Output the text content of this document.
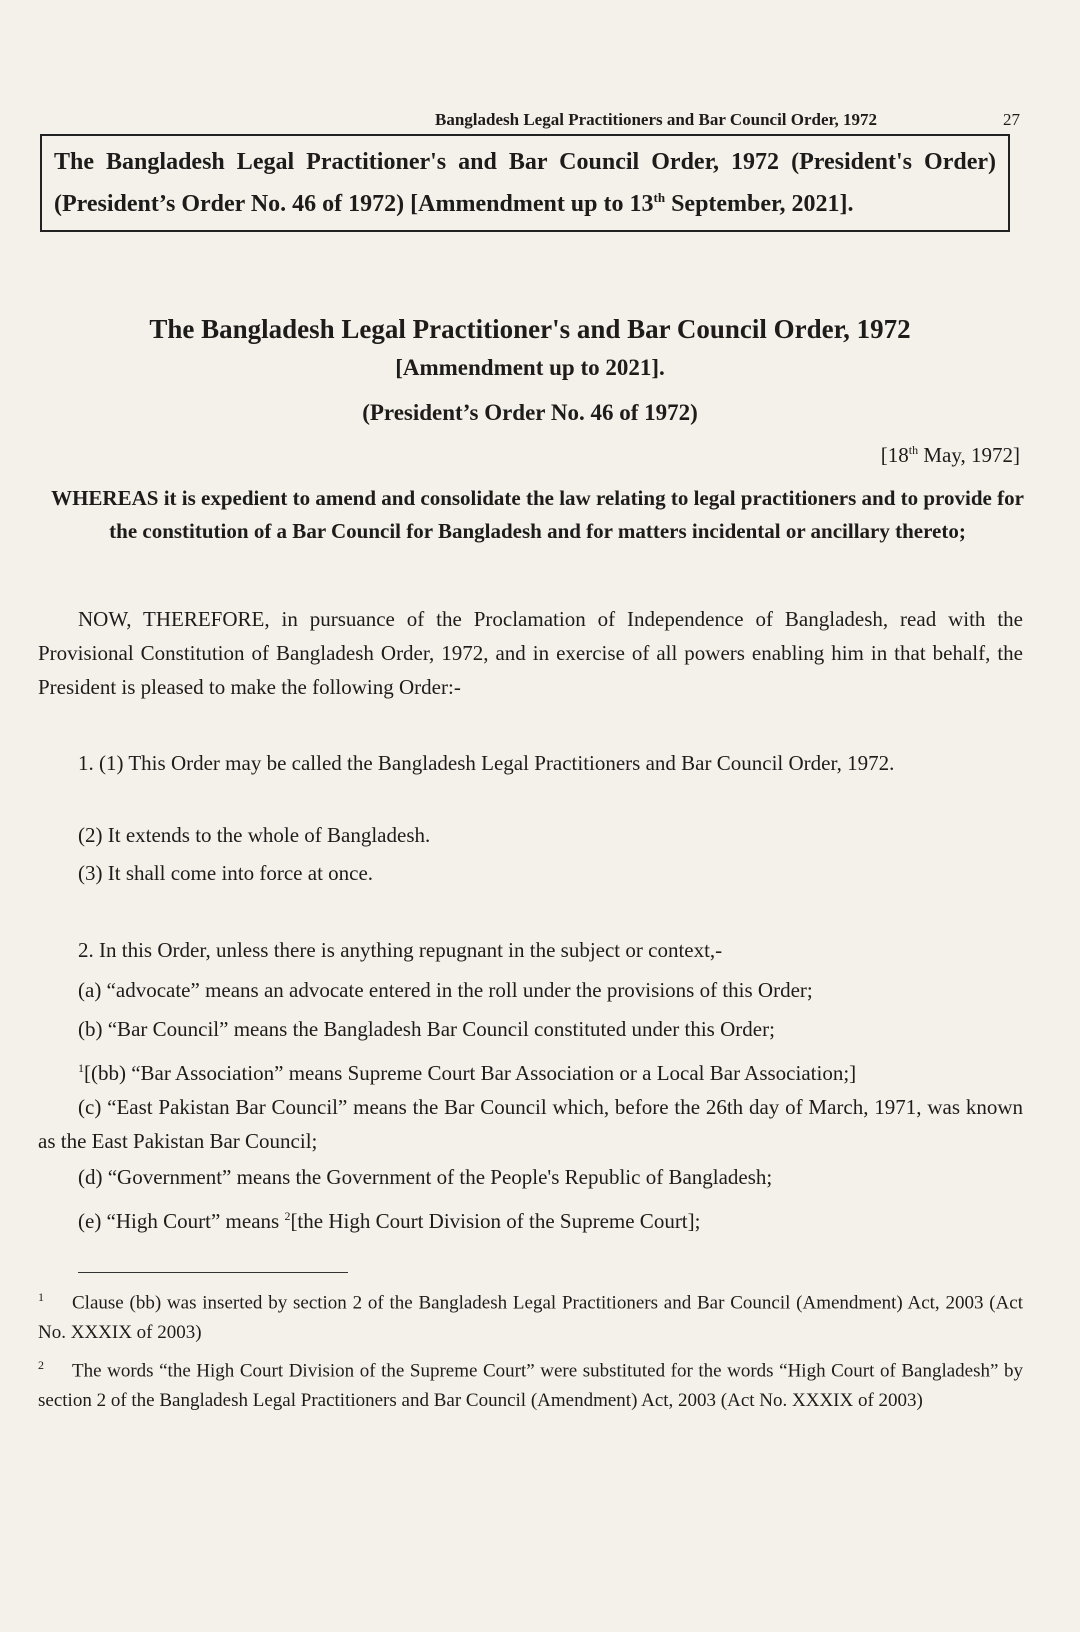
Bangladesh Legal Practitioners and Bar Council Order, 1972	27
The Bangladesh Legal Practitioner's and Bar Council Order, 1972 (President's Order) (President’s Order No. 46 of 1972) [Ammendment up to 13th September, 2021].
The Bangladesh Legal Practitioner's and Bar Council Order, 1972
[Ammendment up to 2021].
(President’s Order No. 46 of 1972)
[18th May, 1972]
WHEREAS it is expedient to amend and consolidate the law relating to legal practitioners and to provide for the constitution of a Bar Council for Bangladesh and for matters incidental or ancillary thereto;
NOW, THEREFORE, in pursuance of the Proclamation of Independence of Bangladesh, read with the Provisional Constitution of Bangladesh Order, 1972, and in exercise of all powers enabling him in that behalf, the President is pleased to make the following Order:-
1. (1) This Order may be called the Bangladesh Legal Practitioners and Bar Council Order, 1972.
(2) It extends to the whole of Bangladesh.
(3) It shall come into force at once.
2. In this Order, unless there is anything repugnant in the subject or context,-
(a) “advocate” means an advocate entered in the roll under the provisions of this Order;
(b) “Bar Council” means the Bangladesh Bar Council constituted under this Order;
$^1$[(bb) “Bar Association” means Supreme Court Bar Association or a Local Bar Association;]
(c) “East Pakistan Bar Council” means the Bar Council which, before the 26th day of March, 1971, was known as the East Pakistan Bar Council;
(d) “Government” means the Government of the People's Republic of Bangladesh;
(e) “High Court” means $^2$[the High Court Division of the Supreme Court];
$^1$ Clause (bb) was inserted by section 2 of the Bangladesh Legal Practitioners and Bar Council (Amendment) Act, 2003 (Act No. XXXIX of 2003)
$^2$ The words “the High Court Division of the Supreme Court” were substituted for the words “High Court of Bangladesh” by section 2 of the Bangladesh Legal Practitioners and Bar Council (Amendment) Act, 2003 (Act No. XXXIX of 2003)
